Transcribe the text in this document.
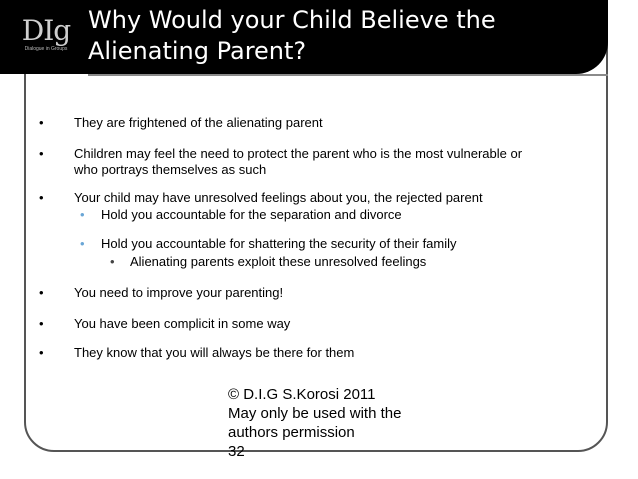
DIg
Dialogue in Groups
Why Would your Child Believe the
Alienating Parent?
• They are frightened of the alienating parent
• Children may feel the need to protect the parent who is the most vulnerable or
who portrays themselves as such
• Your child may have unresolved feelings about you, the rejected parent
• Hold you accountable for the separation and divorce
• Hold you accountable for shattering the security of their family
• Alienating parents exploit these unresolved feelings
• You need to improve your parenting!
• You have been complicit in some way
• They know that you will always be there for them
© D.I.G S.Korosi 2011
May only be used with the
authors permission
32
